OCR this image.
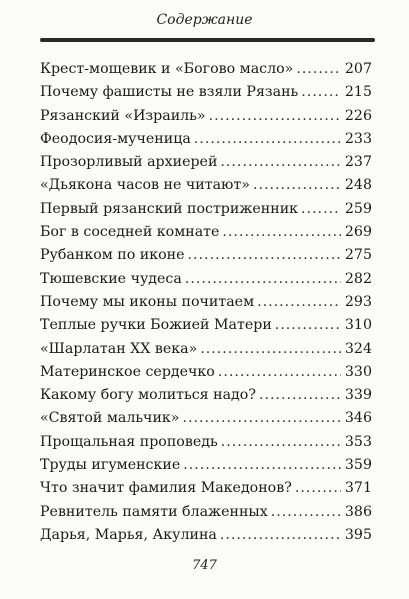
Содержание
Крест-мощевик и «Богово масло» .....	207
Почему фашисты не взяли Рязань .....	215
Рязанский «Израиль» .....	226
Феодосия-мученица .....	233
Прозорливый архиерей .....	237
«Дьякона часов не читают» .....	248
Первый рязанский постриженник .....	259
Бог в соседней комнате .....	269
Рубанком по иконе .....	275
Тюшевские чудеса .....	282
Почему мы иконы почитаем .....	293
Теплые ручки Божией Матери .....	310
«Шарлатан XX века» .....	324
Материнское сердечко .....	330
Какому богу молиться надо? .....	339
«Святой мальчик» .....	346
Прощальная проповедь .....	353
Труды игуменские .....	359
Что значит фамилия Македонов? .....	371
Ревнитель памяти блаженных .....	386
Дарья, Марья, Акулина .....	395
747
